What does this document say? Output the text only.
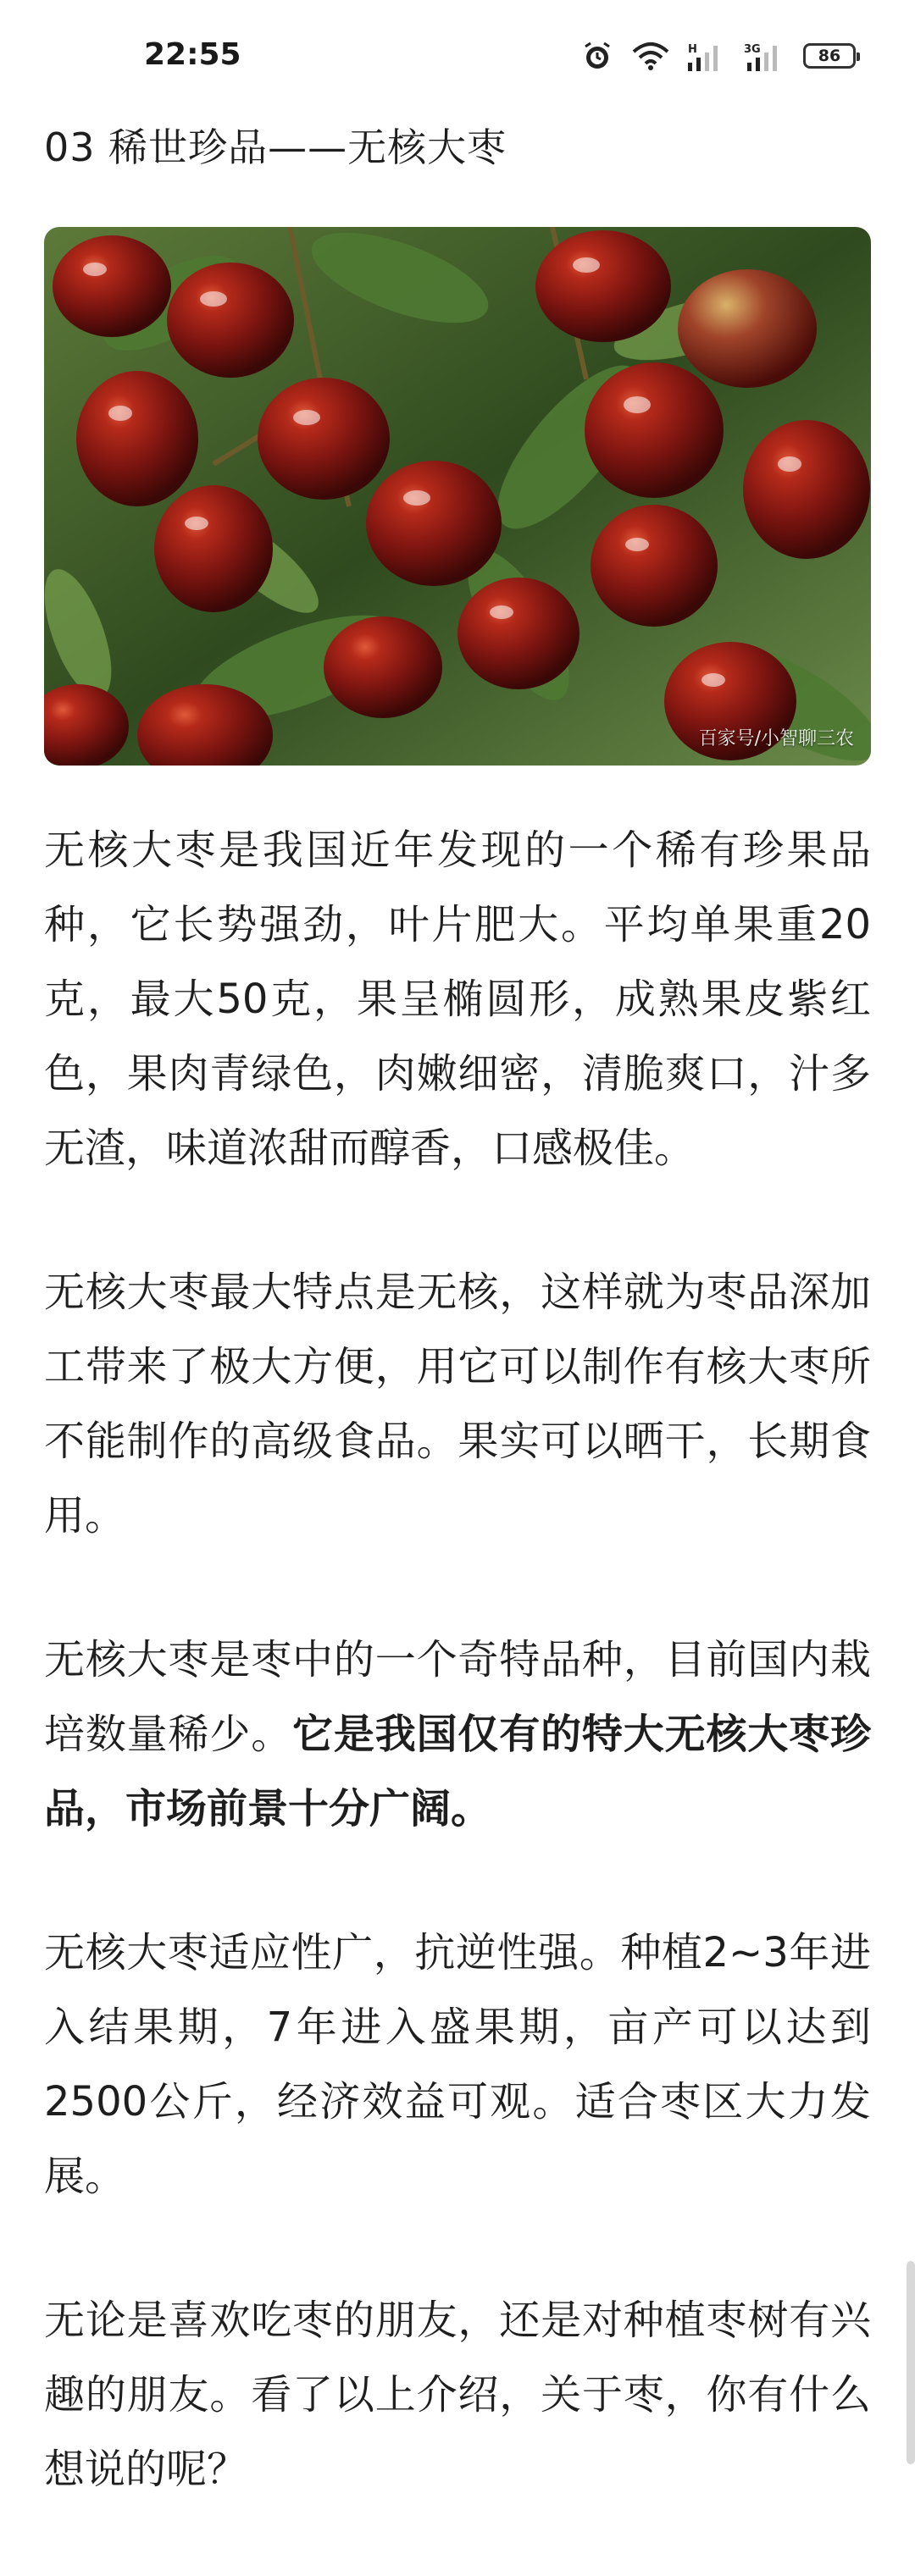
22:55	H	3G	86
03 稀世珍品——无核大枣
百家号/小智聊三农

无核大枣是我国近年发现的一个稀有珍果品种，它长势强劲，叶片肥大。平均单果重20克，最大50克，果呈椭圆形，成熟果皮紫红色，果肉青绿色，肉嫩细密，清脆爽口，汁多无渣，味道浓甜而醇香，口感极佳。

无核大枣最大特点是无核，这样就为枣品深加工带来了极大方便，用它可以制作有核大枣所不能制作的高级食品。果实可以晒干，长期食用。

无核大枣是枣中的一个奇特品种，目前国内栽培数量稀少。它是我国仅有的特大无核大枣珍品，市场前景十分广阔。

无核大枣适应性广，抗逆性强。种植2~3年进入结果期，7年进入盛果期，亩产可以达到2500公斤，经济效益可观。适合枣区大力发展。

无论是喜欢吃枣的朋友，还是对种植枣树有兴趣的朋友。看了以上介绍，关于枣，你有什么想说的呢？
